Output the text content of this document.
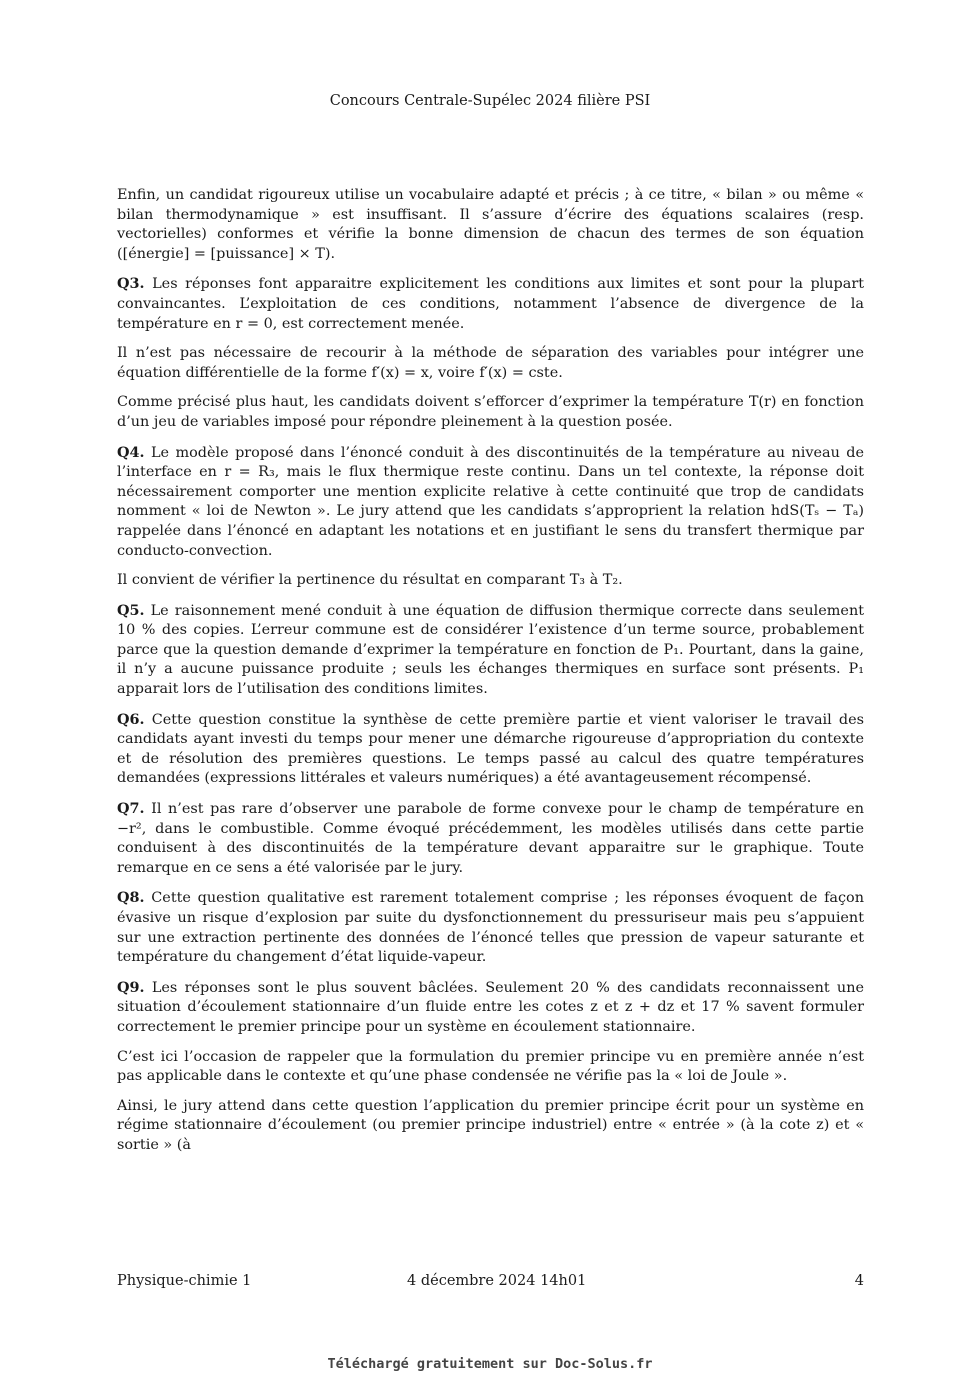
Concours Centrale-Supélec 2024 filière PSI

Enfin, un candidat rigoureux utilise un vocabulaire adapté et précis ; à ce titre, « bilan » ou même « bilan thermodynamique » est insuffisant. Il s’assure d’écrire des équations scalaires (resp. vectorielles) conformes et vérifie la bonne dimension de chacun des termes de son équation ([énergie] = [puissance] × T).

Q3. Les réponses font apparaitre explicitement les conditions aux limites et sont pour la plupart convaincantes. L’exploitation de ces conditions, notamment l’absence de divergence de la température en r = 0, est correctement menée.

Il n’est pas nécessaire de recourir à la méthode de séparation des variables pour intégrer une équation différentielle de la forme f′(x) = x, voire f′(x) = cste.

Comme précisé plus haut, les candidats doivent s’efforcer d’exprimer la température T(r) en fonction d’un jeu de variables imposé pour répondre pleinement à la question posée.

Q4. Le modèle proposé dans l’énoncé conduit à des discontinuités de la température au niveau de l’interface en r = R₃, mais le flux thermique reste continu. Dans un tel contexte, la réponse doit nécessairement comporter une mention explicite relative à cette continuité que trop de candidats nomment « loi de Newton ». Le jury attend que les candidats s’approprient la relation hdS(Tₛ − Tₐ) rappelée dans l’énoncé en adaptant les notations et en justifiant le sens du transfert thermique par conducto-convection.

Il convient de vérifier la pertinence du résultat en comparant T₃ à T₂.

Q5. Le raisonnement mené conduit à une équation de diffusion thermique correcte dans seulement 10 % des copies. L’erreur commune est de considérer l’existence d’un terme source, probablement parce que la question demande d’exprimer la température en fonction de P₁. Pourtant, dans la gaine, il n’y a aucune puissance produite ; seuls les échanges thermiques en surface sont présents. P₁ apparait lors de l’utilisation des conditions limites.

Q6. Cette question constitue la synthèse de cette première partie et vient valoriser le travail des candidats ayant investi du temps pour mener une démarche rigoureuse d’appropriation du contexte et de résolution des premières questions. Le temps passé au calcul des quatre températures demandées (expressions littérales et valeurs numériques) a été avantageusement récompensé.

Q7. Il n’est pas rare d’observer une parabole de forme convexe pour le champ de température en −r², dans le combustible. Comme évoqué précédemment, les modèles utilisés dans cette partie conduisent à des discontinuités de la température devant apparaitre sur le graphique. Toute remarque en ce sens a été valorisée par le jury.

Q8. Cette question qualitative est rarement totalement comprise ; les réponses évoquent de façon évasive un risque d’explosion par suite du dysfonctionnement du pressuriseur mais peu s’appuient sur une extraction pertinente des données de l’énoncé telles que pression de vapeur saturante et température du changement d’état liquide-vapeur.

Q9. Les réponses sont le plus souvent bâclées. Seulement 20 % des candidats reconnaissent une situation d’écoulement stationnaire d’un fluide entre les cotes z et z + dz et 17 % savent formuler correctement le premier principe pour un système en écoulement stationnaire.

C’est ici l’occasion de rappeler que la formulation du premier principe vu en première année n’est pas applicable dans le contexte et qu’une phase condensée ne vérifie pas la « loi de Joule ».

Ainsi, le jury attend dans cette question l’application du premier principe écrit pour un système en régime stationnaire d’écoulement (ou premier principe industriel) entre « entrée » (à la cote z) et « sortie » (à

Physique-chimie 1	4 décembre 2024 14h01	4
Téléchargé gratuitement sur Doc-Solus.fr
